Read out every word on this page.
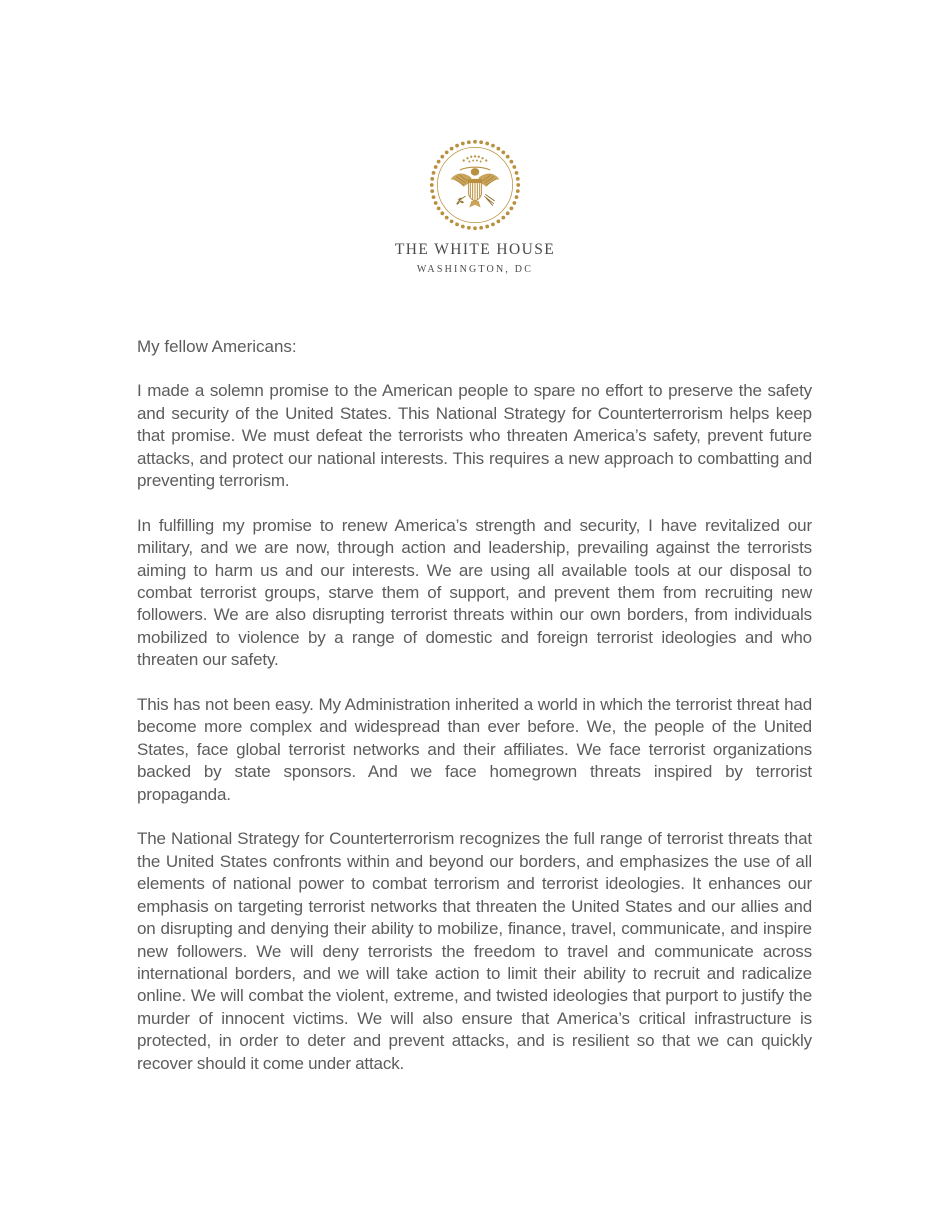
THE WHITE HOUSE
WASHINGTON, DC

My fellow Americans:

I made a solemn promise to the American people to spare no effort to preserve the safety and security of the United States. This National Strategy for Counterterrorism helps keep that promise. We must defeat the terrorists who threaten America’s safety, prevent future attacks, and protect our national interests. This requires a new approach to combatting and preventing terrorism.

In fulfilling my promise to renew America’s strength and security, I have revitalized our military, and we are now, through action and leadership, prevailing against the terrorists aiming to harm us and our interests. We are using all available tools at our disposal to combat terrorist groups, starve them of support, and prevent them from recruiting new followers. We are also disrupting terrorist threats within our own borders, from individuals mobilized to violence by a range of domestic and foreign terrorist ideologies and who threaten our safety.

This has not been easy. My Administration inherited a world in which the terrorist threat had become more complex and widespread than ever before. We, the people of the United States, face global terrorist networks and their affiliates. We face terrorist organizations backed by state sponsors. And we face homegrown threats inspired by terrorist propaganda.

The National Strategy for Counterterrorism recognizes the full range of terrorist threats that the United States confronts within and beyond our borders, and emphasizes the use of all elements of national power to combat terrorism and terrorist ideologies. It enhances our emphasis on targeting terrorist networks that threaten the United States and our allies and on disrupting and denying their ability to mobilize, finance, travel, communicate, and inspire new followers. We will deny terrorists the freedom to travel and communicate across international borders, and we will take action to limit their ability to recruit and radicalize online. We will combat the violent, extreme, and twisted ideologies that purport to justify the murder of innocent victims. We will also ensure that America’s critical infrastructure is protected, in order to deter and prevent attacks, and is resilient so that we can quickly recover should it come under attack.
